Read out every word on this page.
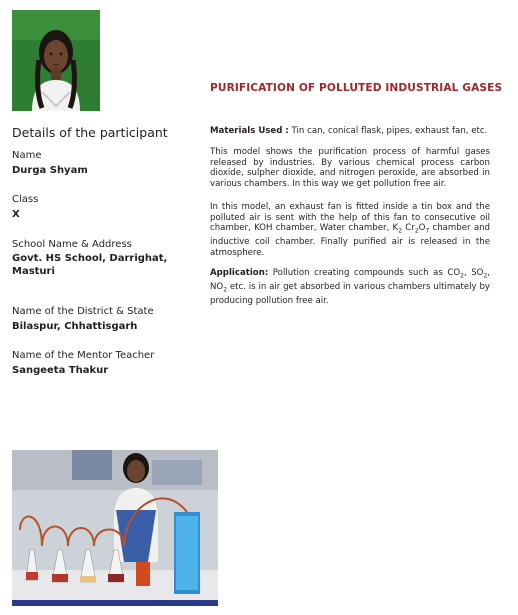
Details of the participant
Name
Durga Shyam
Class
X
School Name & Address
Govt. HS School, Darrighat,
Masturi
Name of the District & State
Bilaspur, Chhattisgarh
Name of the Mentor Teacher
Sangeeta Thakur
PURIFICATION OF POLLUTED INDUSTRIAL GASES

Materials Used : Tin can, conical flask, pipes, exhaust fan, etc.

This model shows the purification process of harmful gases released by industries. By various chemical process carbon dioxide, sulpher dioxide, and nitrogen peroxide, are absorbed in various chambers. In this way we get pollution free air.

In this model, an exhaust fan is fitted inside a tin box and the polluted air is sent with the help of this fan to consecutive oil chamber, KOH chamber, Water chamber, $K_2$ $Cr_2O_7$ chamber and inductive coil chamber. Finally purified air is released in the atmosphere.

Application: Pollution creating compounds such as $CO_2$, $SO_2$, $NO_2$ etc. is in air get absorbed in various chambers ultimately by producing pollution free air.
